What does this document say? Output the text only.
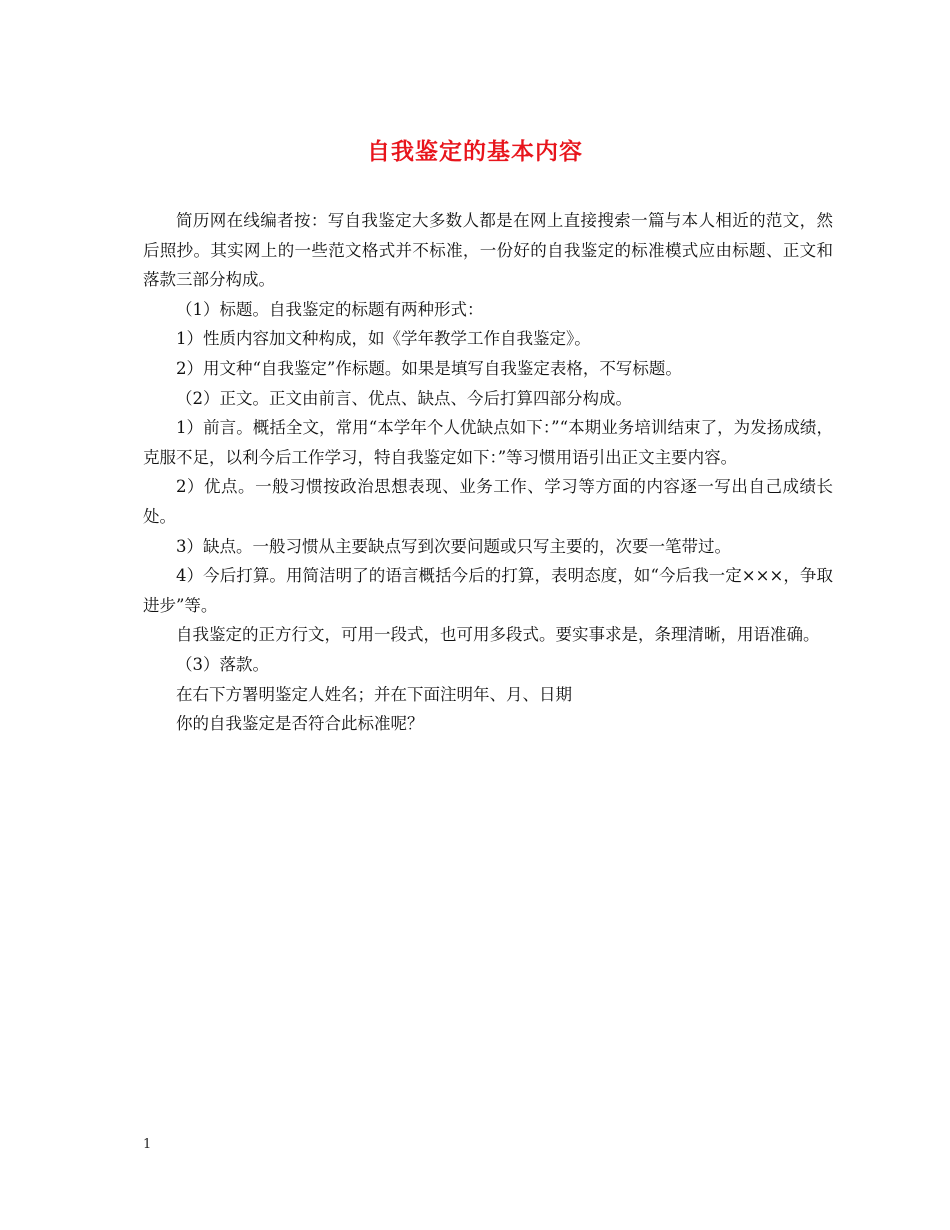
自我鉴定的基本内容

简历网在线编者按：写自我鉴定大多数人都是在网上直接搜索一篇与本人相近的范文，然后照抄。其实网上的一些范文格式并不标准，一份好的自我鉴定的标准模式应由标题、正文和落款三部分构成。

（1）标题。自我鉴定的标题有两种形式：

1）性质内容加文种构成，如《学年教学工作自我鉴定》。

2）用文种“自我鉴定”作标题。如果是填写自我鉴定表格，不写标题。

（2）正文。正文由前言、优点、缺点、今后打算四部分构成。

1）前言。概括全文，常用“本学年个人优缺点如下：”“本期业务培训结束了，为发扬成绩，克服不足，以利今后工作学习，特自我鉴定如下：”等习惯用语引出正文主要内容。

2）优点。一般习惯按政治思想表现、业务工作、学习等方面的内容逐一写出自己成绩长处。

3）缺点。一般习惯从主要缺点写到次要问题或只写主要的，次要一笔带过。

4）今后打算。用简洁明了的语言概括今后的打算，表明态度，如“今后我一定×××，争取进步”等。

自我鉴定的正方行文，可用一段式，也可用多段式。要实事求是，条理清晰，用语准确。

（3）落款。

在右下方署明鉴定人姓名；并在下面注明年、月、日期

你的自我鉴定是否符合此标准呢？

1
